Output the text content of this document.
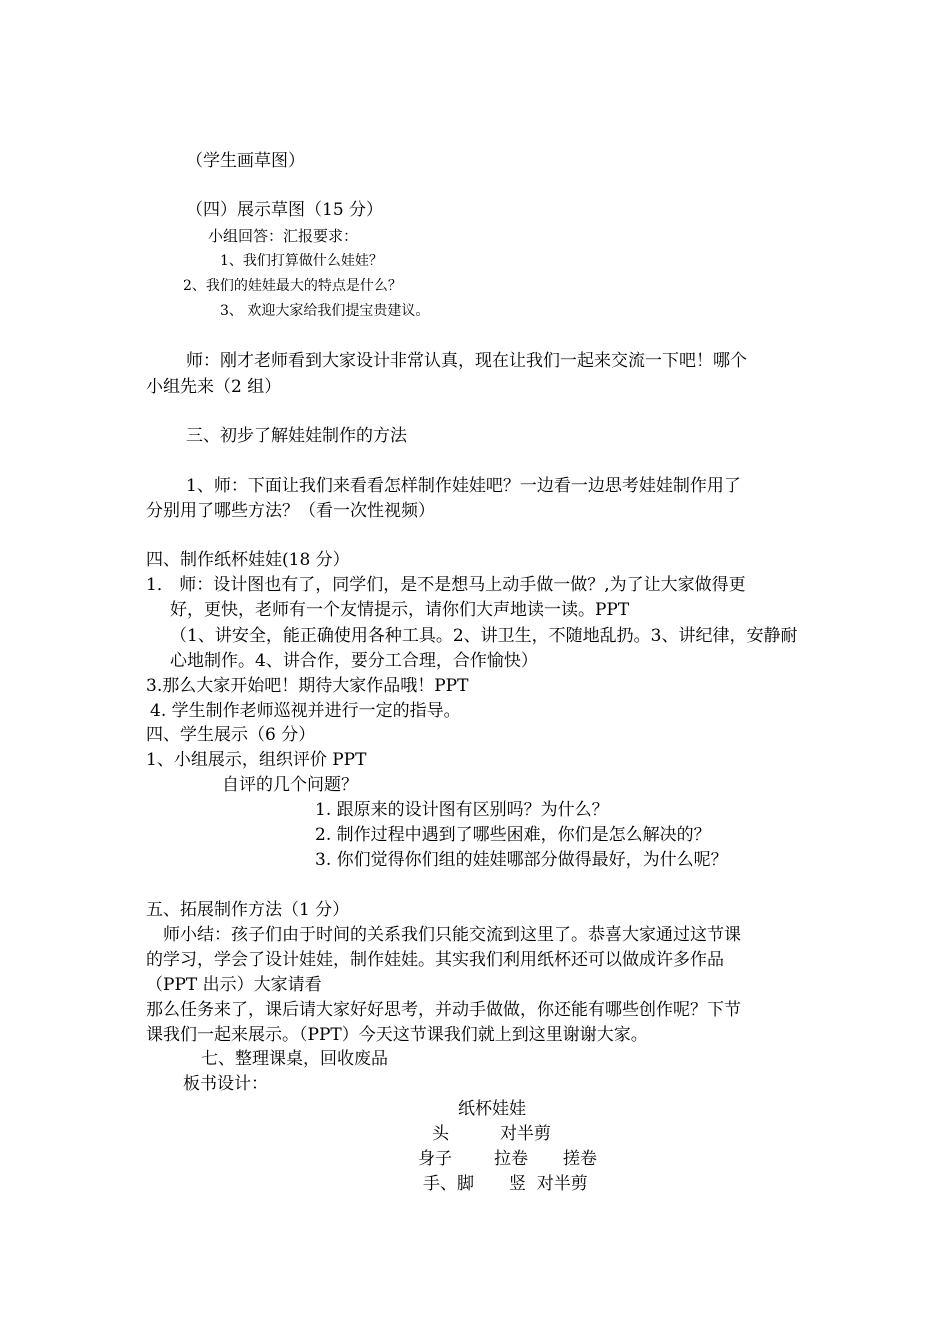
（学生画草图）
（四）展示草图（15 分）
小组回答：汇报要求：
1、我们打算做什么娃娃？
2、我们的娃娃最大的特点是什么？
3、 欢迎大家给我们提宝贵建议。
师：刚才老师看到大家设计非常认真，现在让我们一起来交流一下吧！哪个
小组先来（2 组）
三、初步了解娃娃制作的方法
1、师：下面让我们来看看怎样制作娃娃吧？一边看一边思考娃娃制作用了
分别用了哪些方法？（看一次性视频）
四、制作纸杯娃娃(18 分）
1． 师：设计图也有了，同学们，是不是想马上动手做一做？,为了让大家做得更
好，更快，老师有一个友情提示，请你们大声地读一读。PPT
（1、讲安全，能正确使用各种工具。2、讲卫生，不随地乱扔。3、讲纪律，安静耐
心地制作。4、讲合作，要分工合理，合作愉快）
3.那么大家开始吧！期待大家作品哦！PPT
4. 学生制作老师巡视并进行一定的指导。
四、学生展示（6 分）
1、小组展示，组织评价 PPT
自评的几个问题？
1. 跟原来的设计图有区别吗？为什么？
2. 制作过程中遇到了哪些困难，你们是怎么解决的？
3. 你们觉得你们组的娃娃哪部分做得最好，为什么呢？
五、拓展制作方法（1 分）
师小结：孩子们由于时间的关系我们只能交流到这里了。恭喜大家通过这节课
的学习，学会了设计娃娃，制作娃娃。其实我们利用纸杯还可以做成许多作品
（PPT 出示）大家请看
那么任务来了，课后请大家好好思考，并动手做做，你还能有哪些创作呢？下节
课我们一起来展示。（PPT）今天这节课我们就上到这里谢谢大家。
七、整理课桌，回收废品
板书设计：
纸杯娃娃
头	对半剪
身子 拉卷 搓卷
手、脚 竖  对半剪
